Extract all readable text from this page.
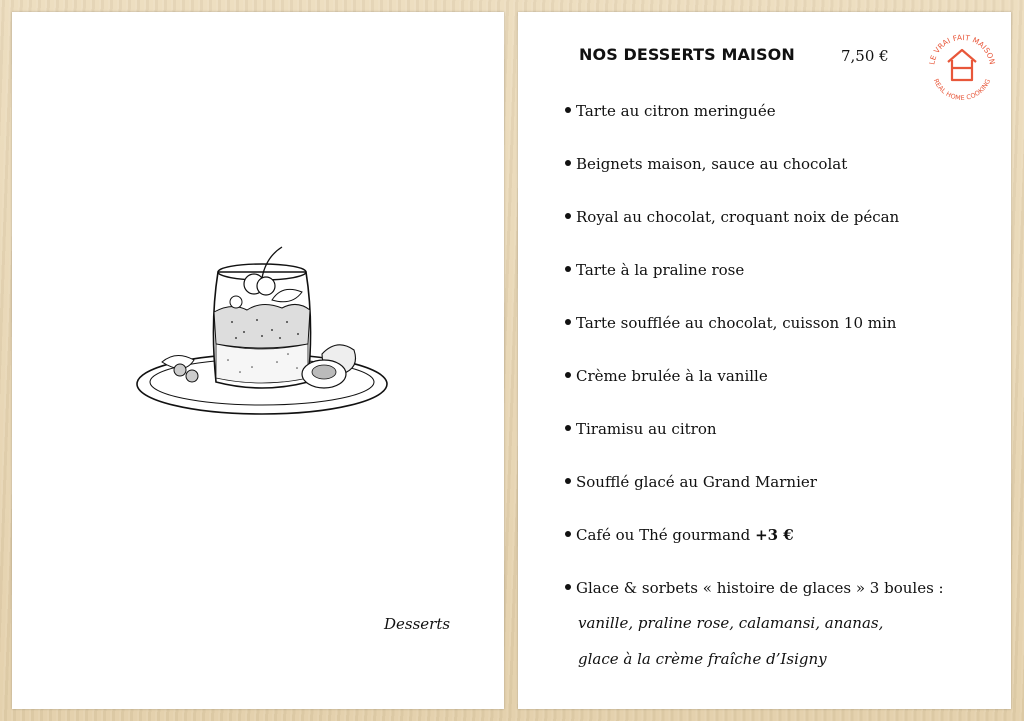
Desserts
NOS DESSERTS MAISON	7,50 €	LE VRAI FAIT MAISON
REAL HOME COOKING
Tarte au citron meringuée
Beignets maison, sauce au chocolat
Royal au chocolat, croquant noix de pécan
Tarte à la praline rose
Tarte soufflée au chocolat, cuisson 10 min
Crème brulée à la vanille
Tiramisu au citron
Soufflé glacé au Grand Marnier
Café ou Thé gourmand +3 €
Glace & sorbets « histoire de glaces » 3 boules :
vanille, praline rose, calamansi, ananas,
glace à la crème fraîche d’Isigny
